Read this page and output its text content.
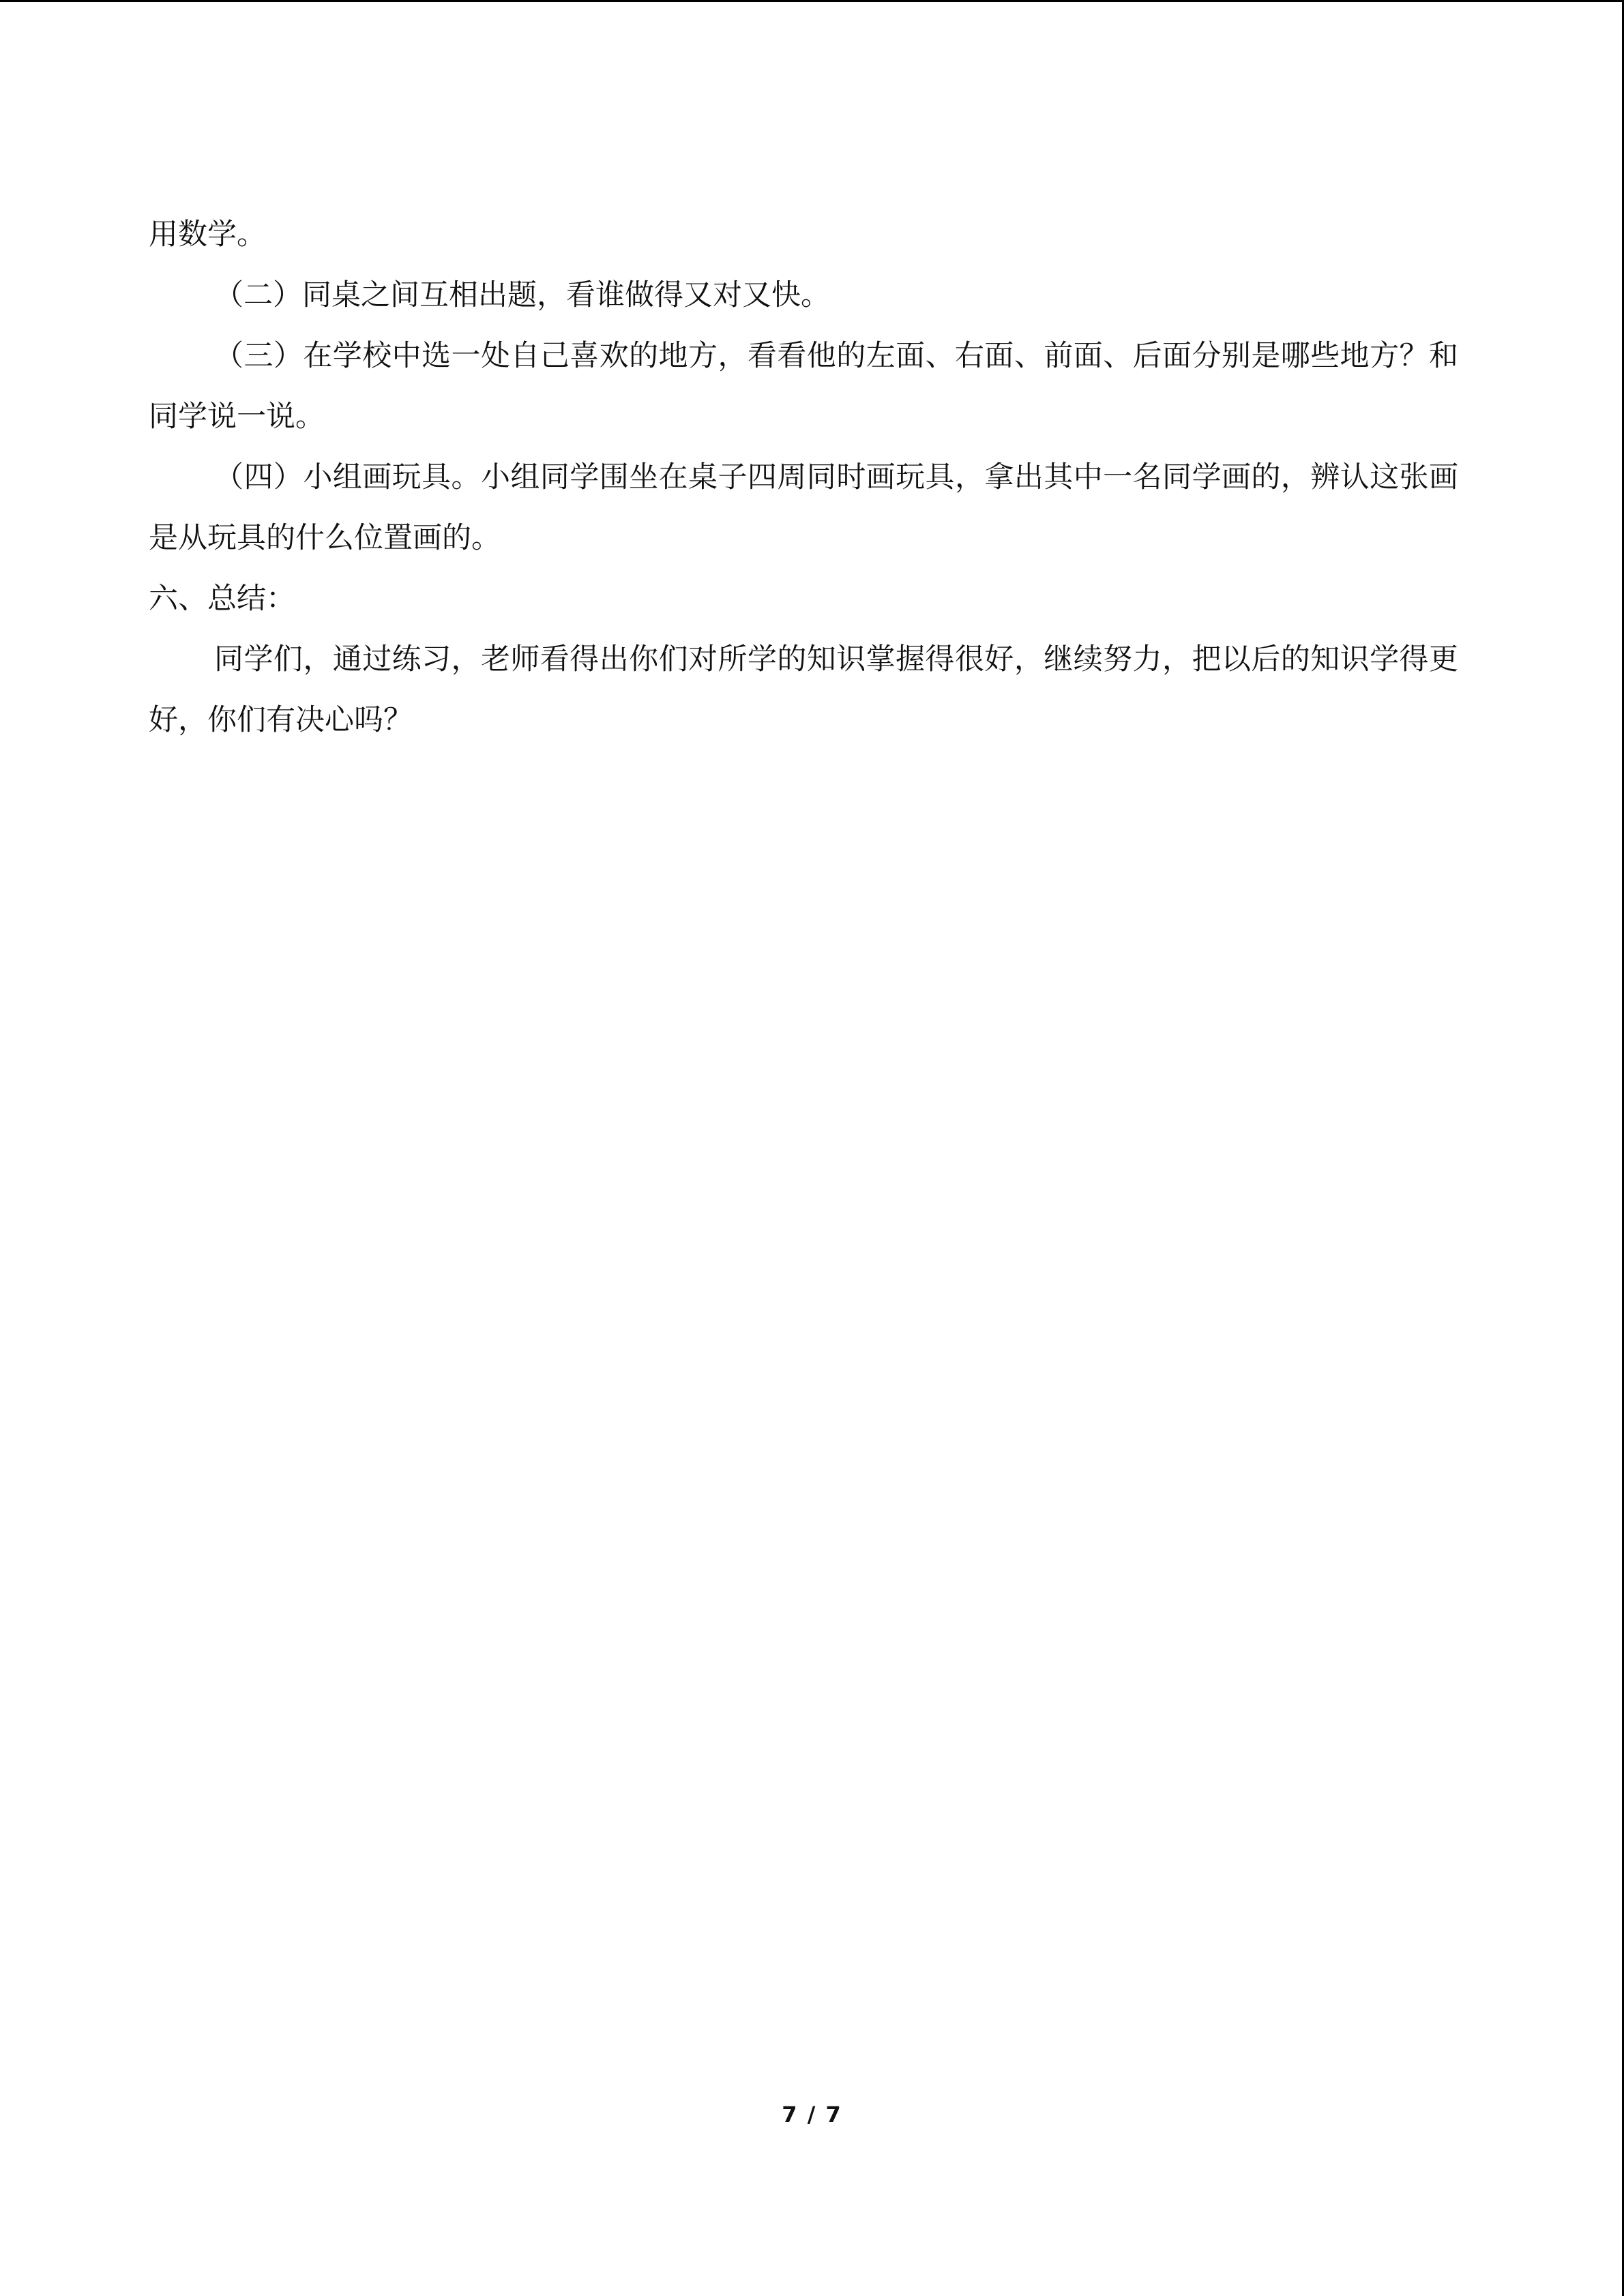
用数学。

（二）同桌之间互相出题，看谁做得又对又快。

（三）在学校中选一处自己喜欢的地方，看看他的左面、右面、前面、后面分别是哪些地方？和同学说一说。

（四）小组画玩具。小组同学围坐在桌子四周同时画玩具，拿出其中一名同学画的，辨认这张画是从玩具的什么位置画的。

六、总结：

同学们，通过练习，老师看得出你们对所学的知识掌握得很好，继续努力，把以后的知识学得更好，你们有决心吗？

7 / 7
